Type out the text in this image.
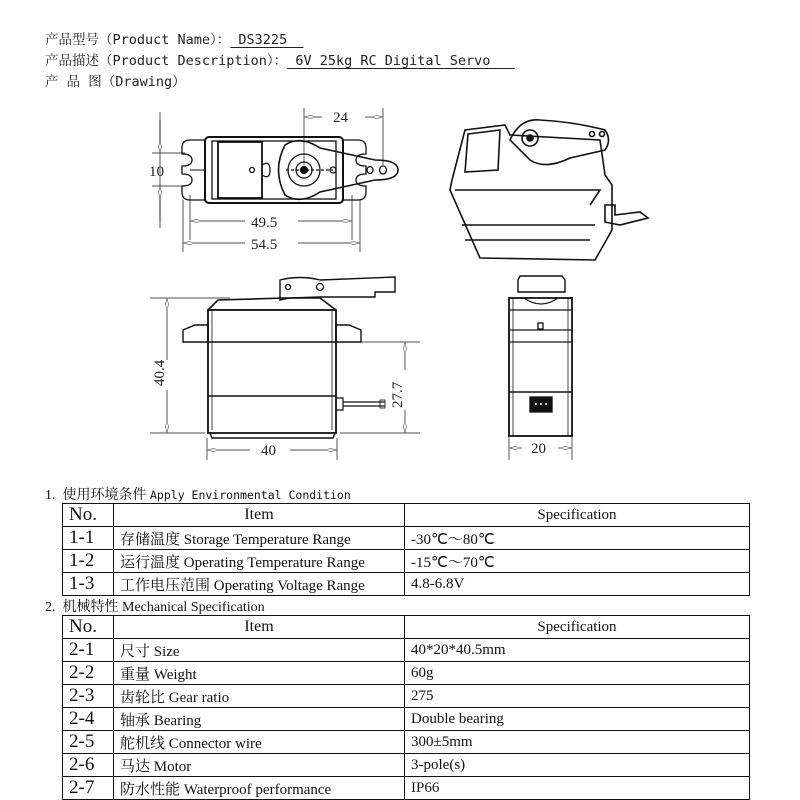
产品型号（Product Name）： DS3225
产品描述（Product Description）： 6V 25kg RC Digital Servo
产 品 图（Drawing）
10
24
49.5
54.5
40.4
27.7
40	20
1. 使用环境条件 Apply Environmental Condition
No.	Item	Specification
1-1	存储温度 Storage Temperature Range	-30℃～80℃
1-2	运行温度 Operating Temperature Range	-15℃～70℃
1-3	工作电压范围 Operating Voltage Range	4.8-6.8V
2. 机械特性 Mechanical Specification
No.	Item	Specification
2-1	尺寸 Size	40*20*40.5mm
2-2	重量 Weight	60g
2-3	齿轮比 Gear ratio	275
2-4	轴承 Bearing	Double bearing
2-5	舵机线 Connector wire	300±5mm
2-6	马达 Motor	3-pole(s)
2-7	防水性能 Waterproof performance	IP66
